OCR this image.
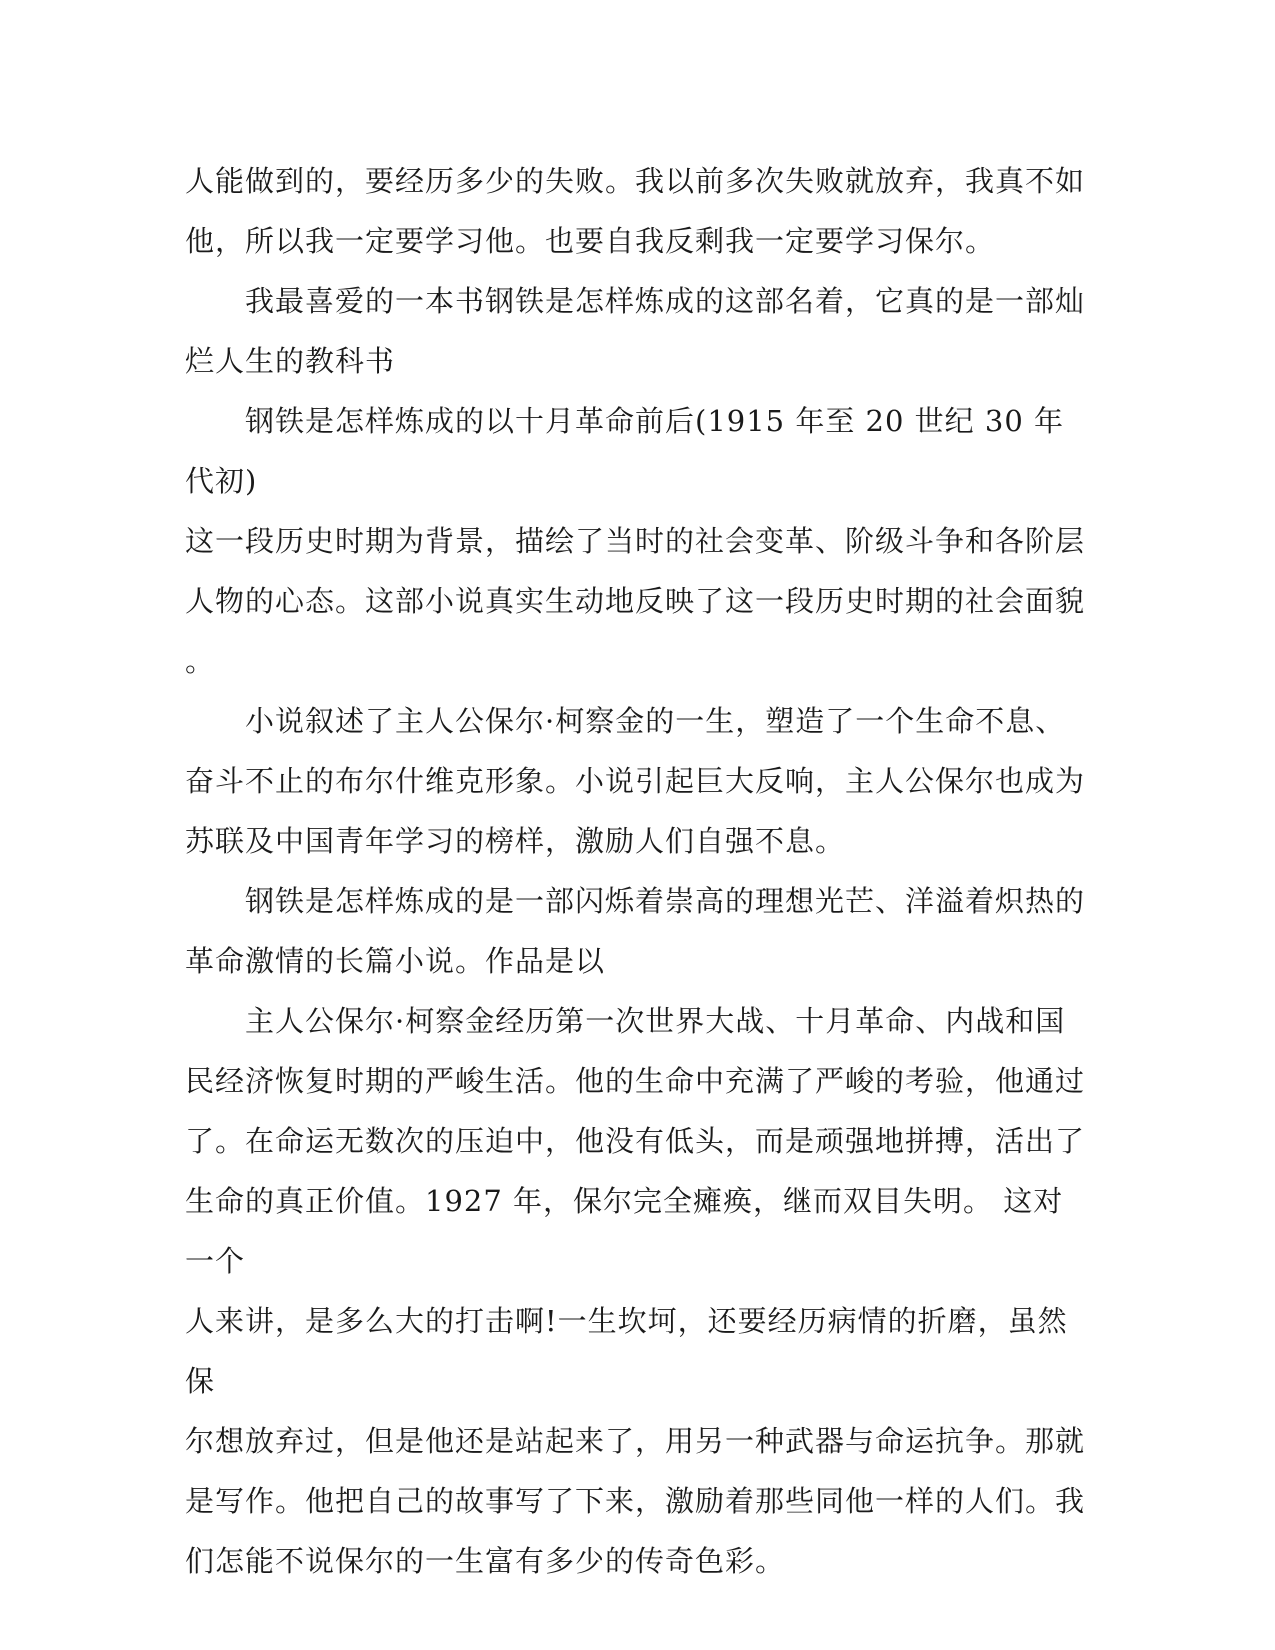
人能做到的，要经历多少的失败。我以前多次失败就放弃，我真不如
他，所以我一定要学习他。也要自我反剩我一定要学习保尔。

　　我最喜爱的一本书钢铁是怎样炼成的这部名着，它真的是一部灿
烂人生的教科书

　　钢铁是怎样炼成的以十月革命前后(1915 年至 20 世纪 30 年代初)
这一段历史时期为背景，描绘了当时的社会变革、阶级斗争和各阶层
人物的心态。这部小说真实生动地反映了这一段历史时期的社会面貌
。

　　小说叙述了主人公保尔·柯察金的一生，塑造了一个生命不息、
奋斗不止的布尔什维克形象。小说引起巨大反响，主人公保尔也成为
苏联及中国青年学习的榜样，激励人们自强不息。

　　钢铁是怎样炼成的是一部闪烁着崇高的理想光芒、洋溢着炽热的
革命激情的长篇小说。作品是以

　　主人公保尔·柯察金经历第一次世界大战、十月革命、内战和国
民经济恢复时期的严峻生活。他的生命中充满了严峻的考验，他通过
了。在命运无数次的压迫中，他没有低头，而是顽强地拼搏，活出了
生命的真正价值。1927 年，保尔完全瘫痪，继而双目失明。 这对一个
人来讲，是多么大的打击啊!一生坎坷，还要经历病情的折磨，虽然保
尔想放弃过，但是他还是站起来了，用另一种武器与命运抗争。那就
是写作。他把自己的故事写了下来，激励着那些同他一样的人们。我
们怎能不说保尔的一生富有多少的传奇色彩。
